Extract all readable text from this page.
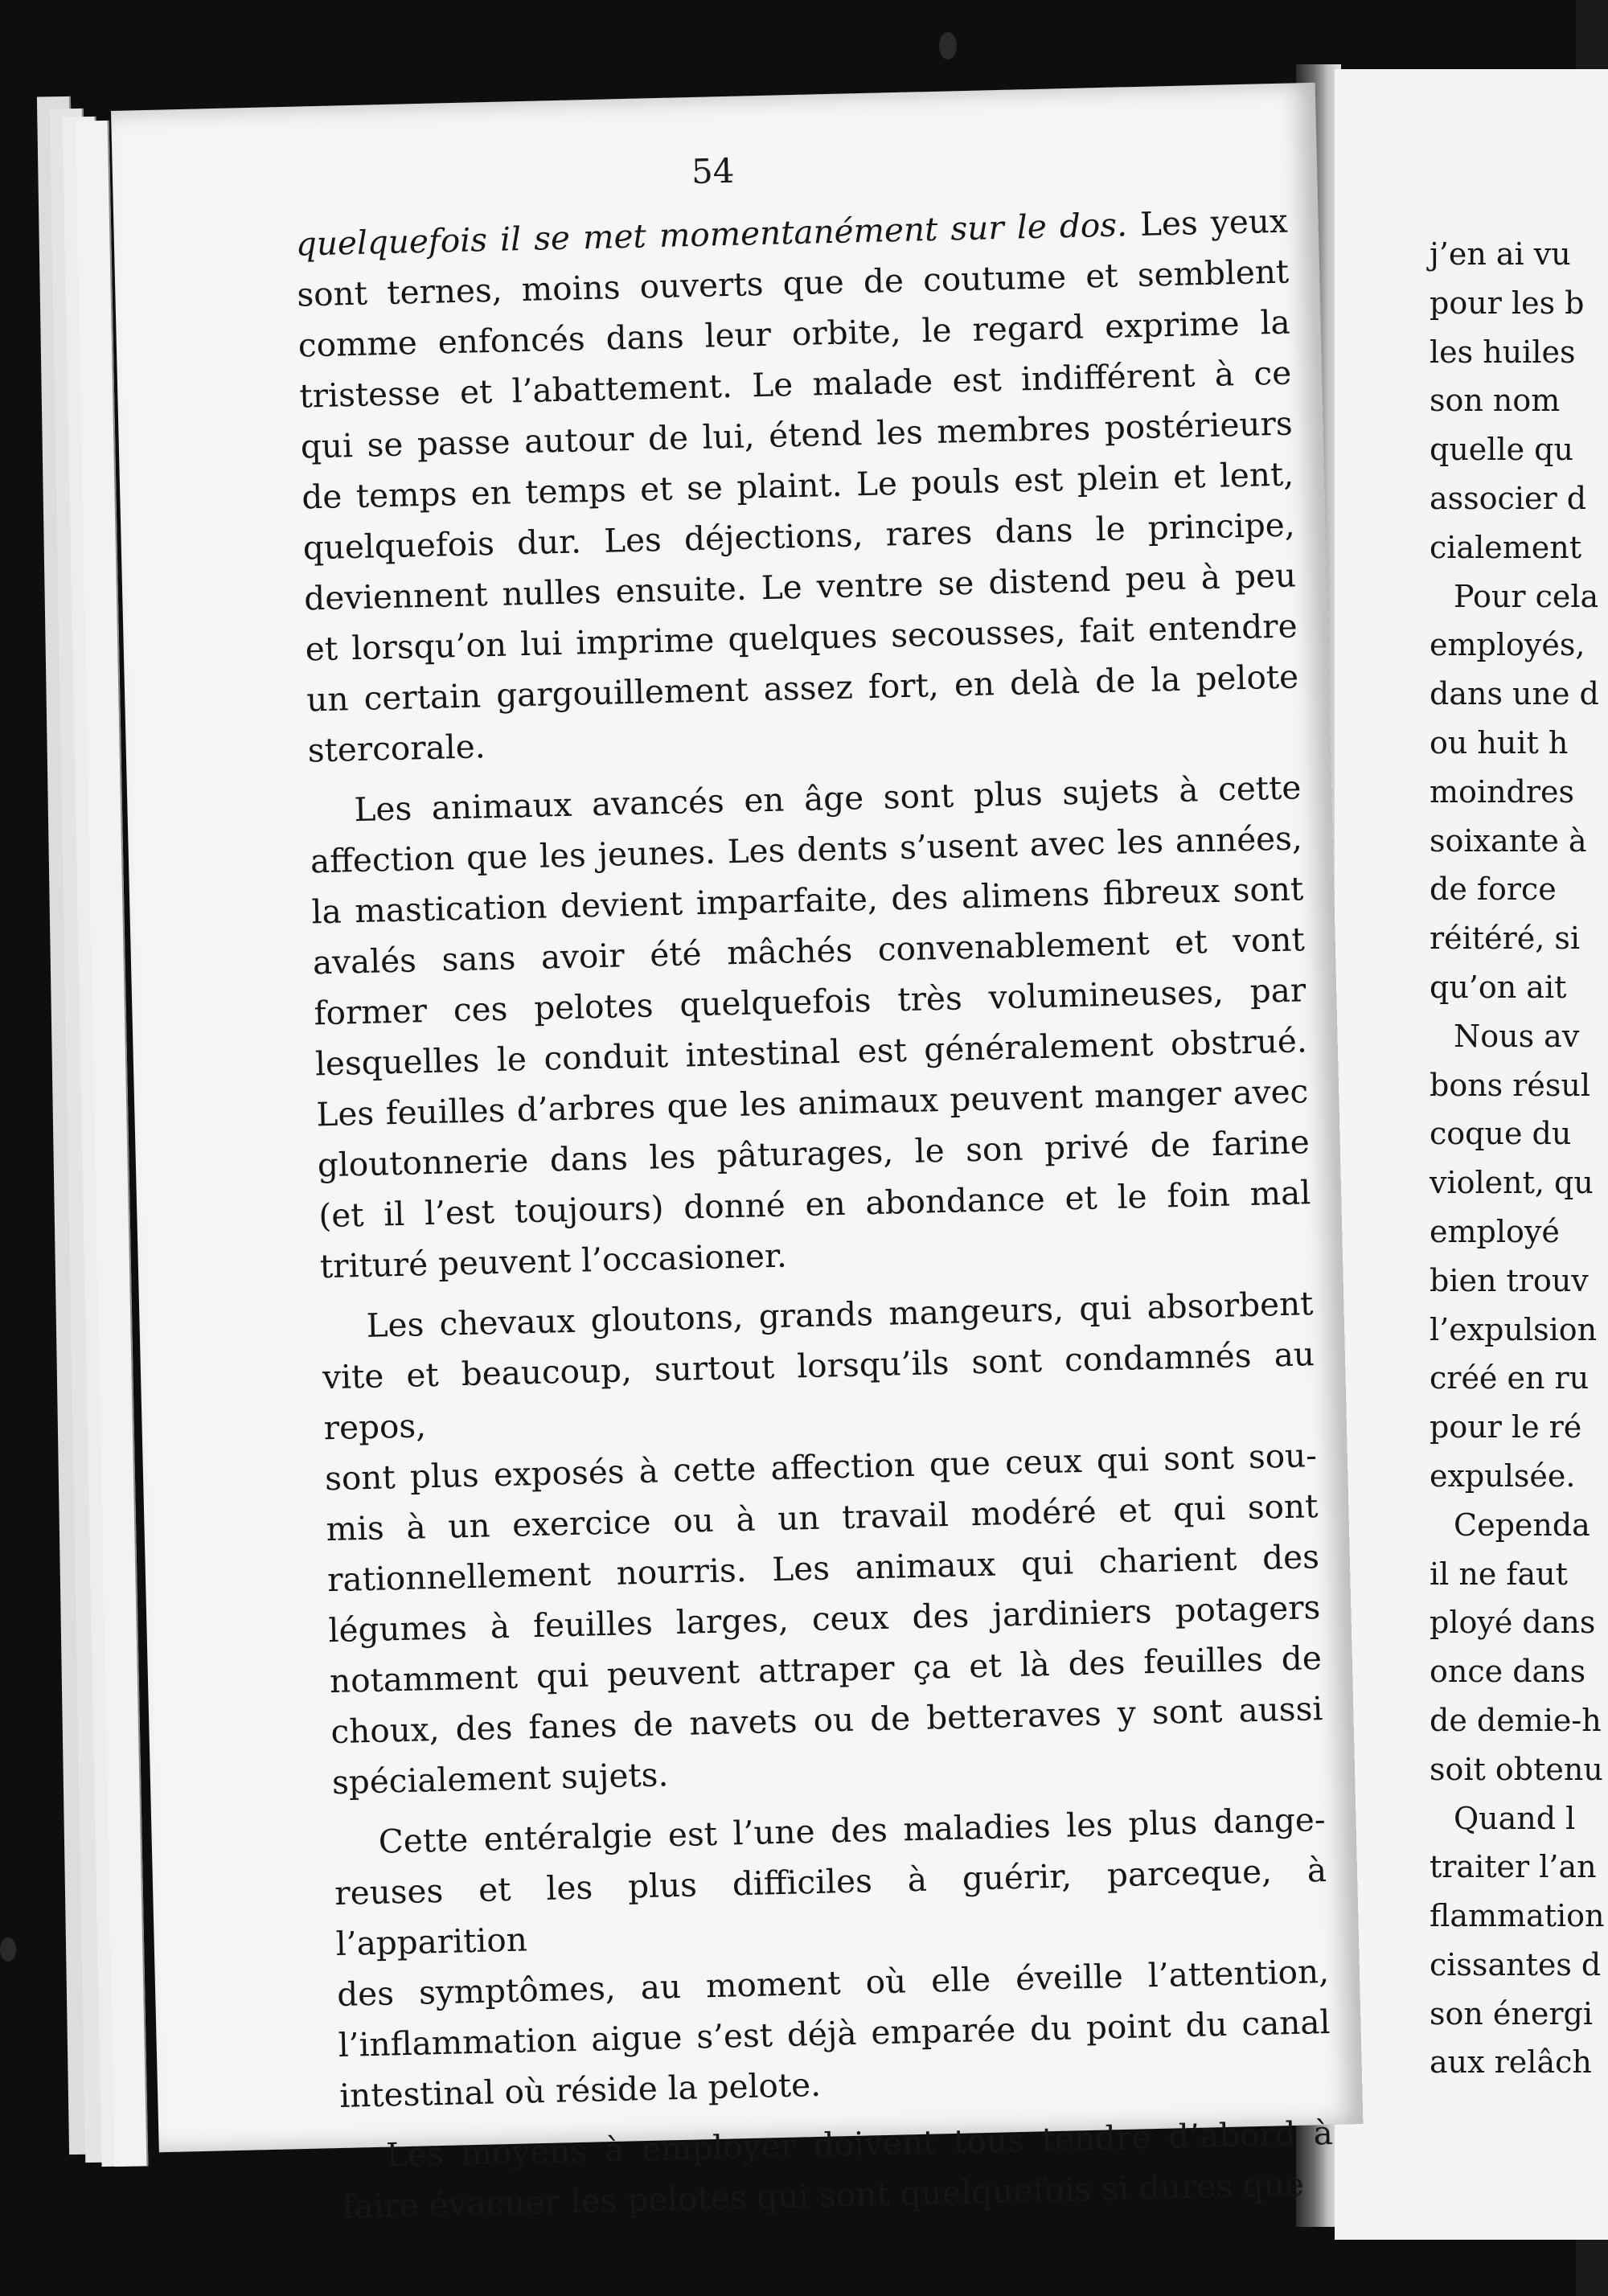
j’en ai vu

pour les b

les huiles

son nom

quelle qu

associer d

cialement

Pour cela

employés,

dans une d

ou huit h

moindres

soixante à

de force

réitéré, si

qu’on ait

Nous av

bons résul

coque du

violent, qu

employé

bien trouv

l’expulsion

créé en ru

pour le ré

expulsée.

Cependa

il ne faut

ployé dans

once dans

de demie-h

soit obtenu

Quand l

traiter l’an

flammation

cissantes d

son énergi

aux relâch

54

quelquefois il se met momentanément sur le dos. Les yeux
sont ternes, moins ouverts que de coutume et semblent
comme enfoncés dans leur orbite, le regard exprime la
tristesse et l’abattement. Le malade est indifférent à ce
qui se passe autour de lui, étend les membres postérieurs
de temps en temps et se plaint. Le pouls est plein et lent,
quelquefois dur. Les déjections, rares dans le principe,
deviennent nulles ensuite. Le ventre se distend peu à peu
et lorsqu’on lui imprime quelques secousses, fait entendre
un certain gargouillement assez fort, en delà de la pelote
stercorale.

Les animaux avancés en âge sont plus sujets à cette
affection que les jeunes. Les dents s’usent avec les années,
la mastication devient imparfaite, des alimens fibreux sont
avalés sans avoir été mâchés convenablement et vont
former ces pelotes quelquefois très volumineuses, par
lesquelles le conduit intestinal est généralement obstrué.
Les feuilles d’arbres que les animaux peuvent manger avec
gloutonnerie dans les pâturages, le son privé de farine
(et il l’est toujours) donné en abondance et le foin mal
trituré peuvent l’occasioner.

Les chevaux gloutons, grands mangeurs, qui absorbent
vite et beaucoup, surtout lorsqu’ils sont condamnés au repos,
sont plus exposés à cette affection que ceux qui sont sou-
mis à un exercice ou à un travail modéré et qui sont
rationnellement nourris. Les animaux qui charient des
légumes à feuilles larges, ceux des jardiniers potagers
notamment qui peuvent attraper ça et là des feuilles de
choux, des fanes de navets ou de betteraves y sont aussi
spécialement sujets.

Cette entéralgie est l’une des maladies les plus dange-
reuses et les plus difficiles à guérir, parceque, à l’apparition
des symptômes, au moment où elle éveille l’attention,
l’inflammation aigue s’est déjà emparée du point du canal
intestinal où réside la pelote.

Les moyens à employer doivent tous tendre d’abord à
faire évacuer les pelotes qui sont quelquefois si dures que
